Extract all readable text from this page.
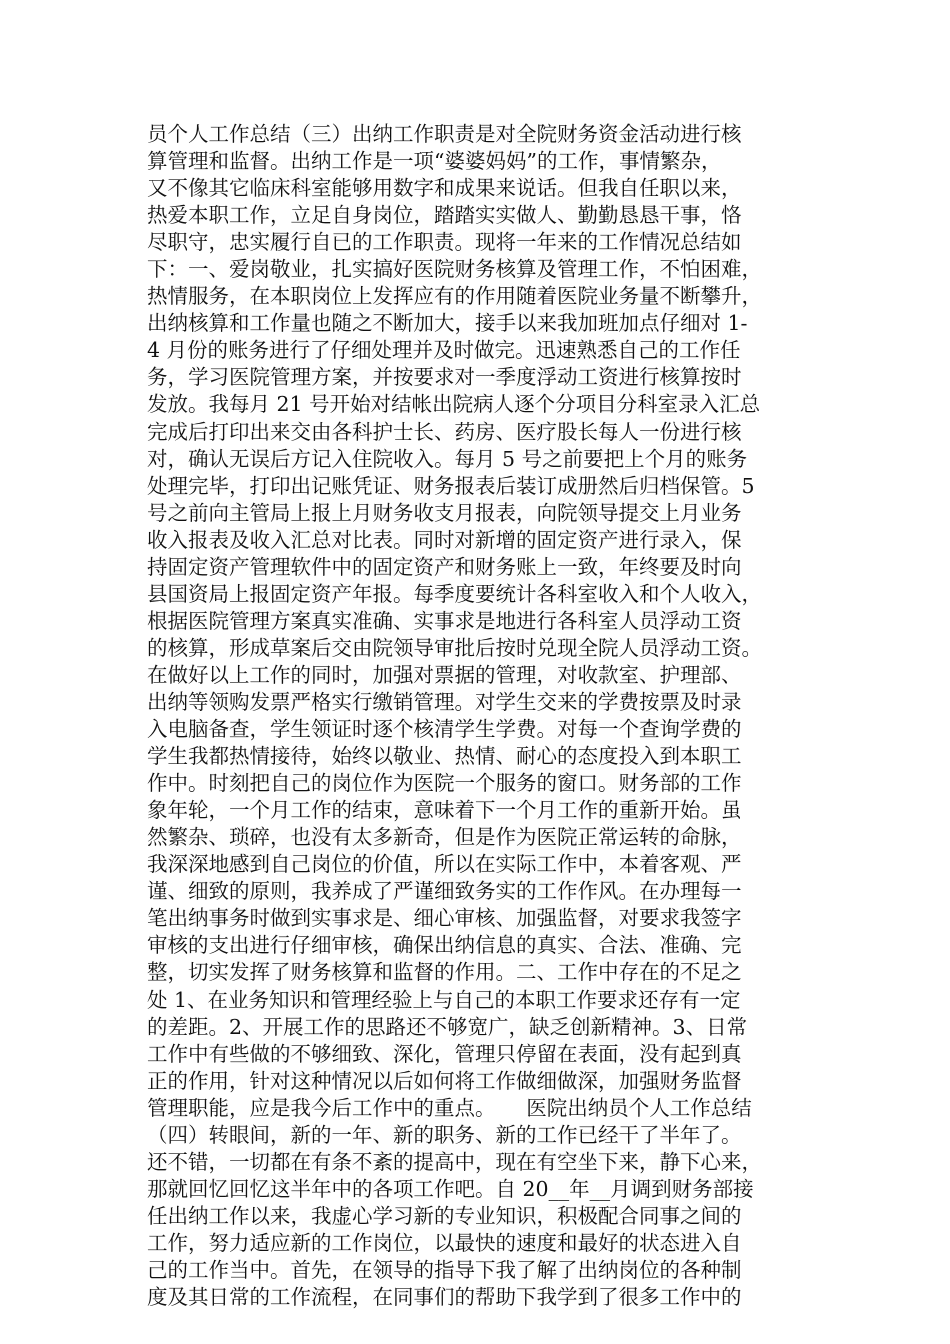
员个人工作总结（三）出纳工作职责是对全院财务资金活动进行核
算管理和监督。出纳工作是一项“婆婆妈妈”的工作，事情繁杂，
又不像其它临床科室能够用数字和成果来说话。但我自任职以来，
热爱本职工作，立足自身岗位，踏踏实实做人、勤勤恳恳干事，恪
尽职守，忠实履行自已的工作职责。现将一年来的工作情况总结如
下：一、爱岗敬业，扎实搞好医院财务核算及管理工作，不怕困难，
热情服务，在本职岗位上发挥应有的作用随着医院业务量不断攀升，
出纳核算和工作量也随之不断加大，接手以来我加班加点仔细对 1-
4 月份的账务进行了仔细处理并及时做完。迅速熟悉自己的工作任
务，学习医院管理方案，并按要求对一季度浮动工资进行核算按时
发放。我每月 21 号开始对结帐出院病人逐个分项目分科室录入汇总
完成后打印出来交由各科护士长、药房、医疗股长每人一份进行核
对，确认无误后方记入住院收入。每月 5 号之前要把上个月的账务
处理完毕，打印出记账凭证、财务报表后装订成册然后归档保管。5
号之前向主管局上报上月财务收支月报表，向院领导提交上月业务
收入报表及收入汇总对比表。同时对新增的固定资产进行录入，保
持固定资产管理软件中的固定资产和财务账上一致，年终要及时向
县国资局上报固定资产年报。每季度要统计各科室收入和个人收入，
根据医院管理方案真实准确、实事求是地进行各科室人员浮动工资
的核算，形成草案后交由院领导审批后按时兑现全院人员浮动工资。
在做好以上工作的同时，加强对票据的管理，对收款室、护理部、
出纳等领购发票严格实行缴销管理。对学生交来的学费按票及时录
入电脑备查，学生领证时逐个核清学生学费。对每一个查询学费的
学生我都热情接待，始终以敬业、热情、耐心的态度投入到本职工
作中。时刻把自己的岗位作为医院一个服务的窗口。财务部的工作
象年轮，一个月工作的结束，意味着下一个月工作的重新开始。虽
然繁杂、琐碎，也没有太多新奇，但是作为医院正常运转的命脉，
我深深地感到自己岗位的价值，所以在实际工作中，本着客观、严
谨、细致的原则，我养成了严谨细致务实的工作作风。在办理每一
笔出纳事务时做到实事求是、细心审核、加强监督，对要求我签字
审核的支出进行仔细审核，确保出纳信息的真实、合法、准确、完
整，切实发挥了财务核算和监督的作用。二、工作中存在的不足之
处 1、在业务知识和管理经验上与自己的本职工作要求还存有一定
的差距。2、开展工作的思路还不够宽广，缺乏创新精神。3、日常
工作中有些做的不够细致、深化，管理只停留在表面，没有起到真
正的作用，针对这种情况以后如何将工作做细做深，加强财务监督
管理职能，应是我今后工作中的重点。　　医院出纳员个人工作总结
（四）转眼间，新的一年、新的职务、新的工作已经干了半年了。
还不错，一切都在有条不紊的提高中，现在有空坐下来，静下心来，
那就回忆回忆这半年中的各项工作吧。自 20__年__月调到财务部接
任出纳工作以来，我虚心学习新的专业知识，积极配合同事之间的
工作，努力适应新的工作岗位，以最快的速度和最好的状态进入自
己的工作当中。首先，在领导的指导下我了解了出纳岗位的各种制
度及其日常的工作流程，在同事们的帮助下我学到了很多工作中的
